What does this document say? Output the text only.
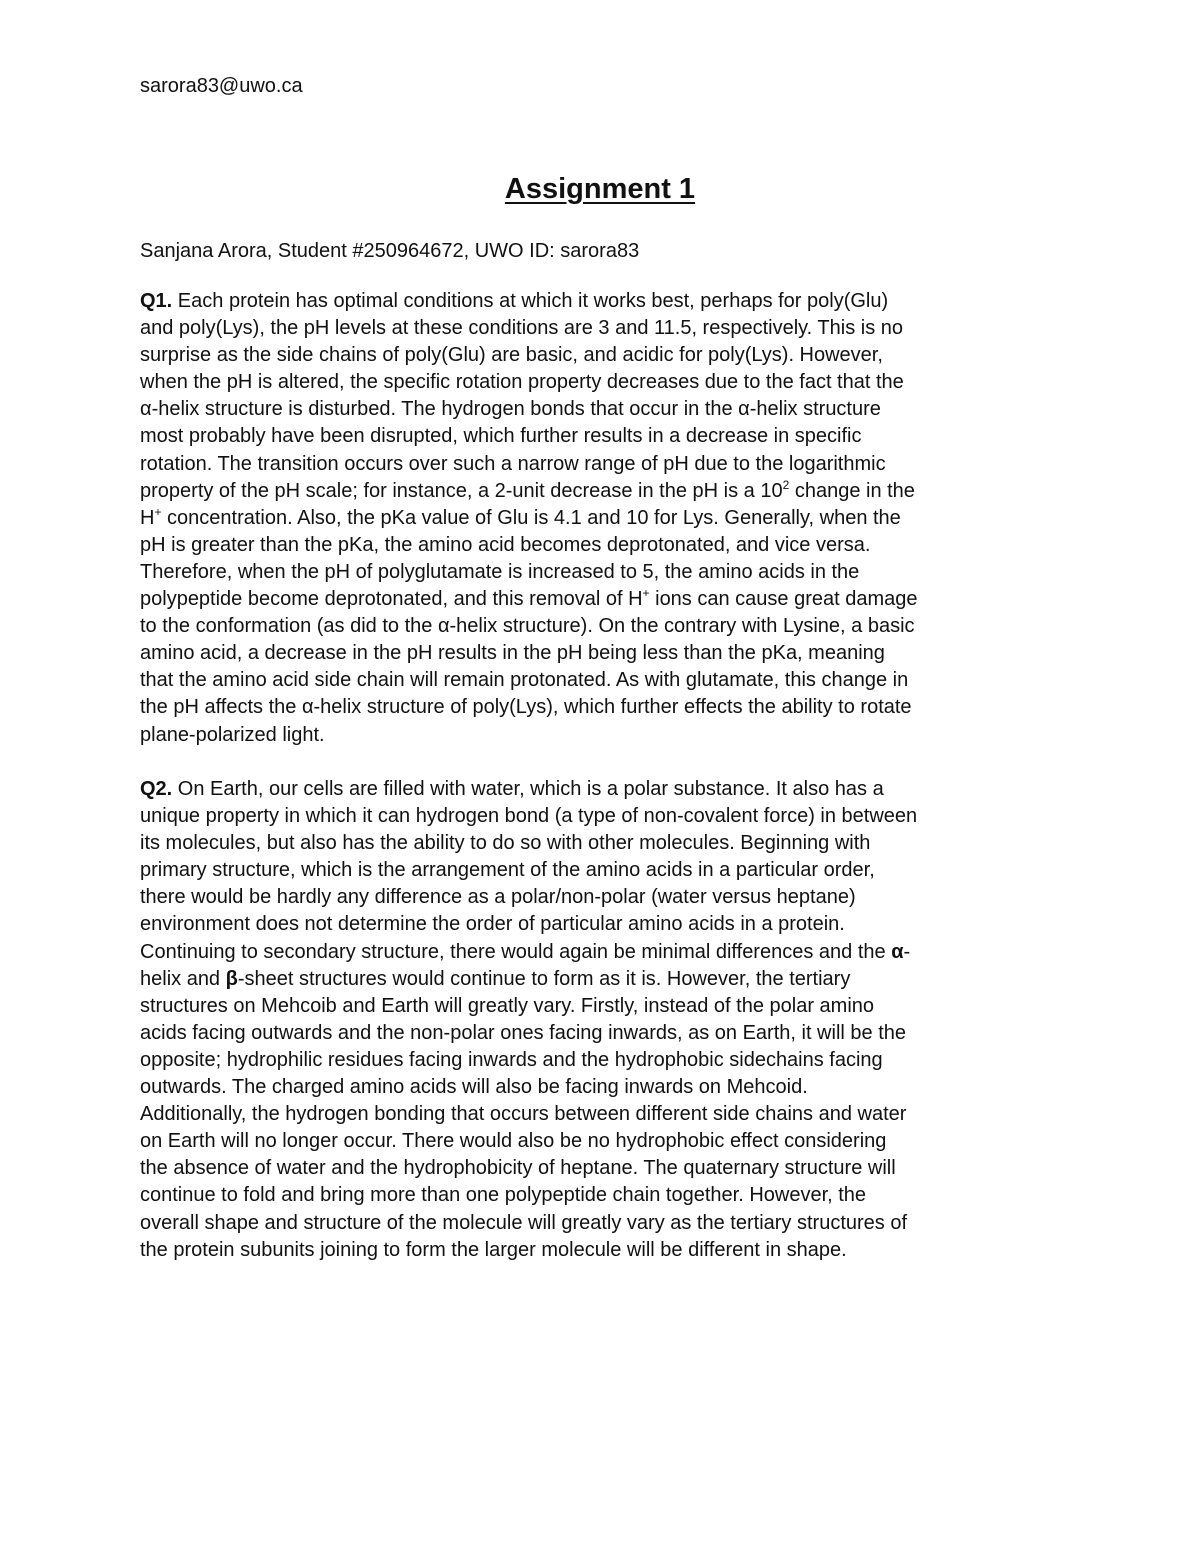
sarora83@uwo.ca
Assignment 1
Sanjana Arora, Student #250964672, UWO ID: sarora83
Q1. Each protein has optimal conditions at which it works best, perhaps for poly(Glu)
and poly(Lys), the pH levels at these conditions are 3 and 11.5, respectively. This is no
surprise as the side chains of poly(Glu) are basic, and acidic for poly(Lys). However,
when the pH is altered, the specific rotation property decreases due to the fact that the
α-helix structure is disturbed. The hydrogen bonds that occur in the α-helix structure
most probably have been disrupted, which further results in a decrease in specific
rotation. The transition occurs over such a narrow range of pH due to the logarithmic
property of the pH scale; for instance, a 2-unit decrease in the pH is a $10^2$ change in the
H+ concentration. Also, the pKa value of Glu is 4.1 and 10 for Lys. Generally, when the
pH is greater than the pKa, the amino acid becomes deprotonated, and vice versa.
Therefore, when the pH of polyglutamate is increased to 5, the amino acids in the
polypeptide become deprotonated, and this removal of H+ ions can cause great damage
to the conformation (as did to the α-helix structure). On the contrary with Lysine, a basic
amino acid, a decrease in the pH results in the pH being less than the pKa, meaning
that the amino acid side chain will remain protonated. As with glutamate, this change in
the pH affects the α-helix structure of poly(Lys), which further effects the ability to rotate
plane-polarized light.
Q2. On Earth, our cells are filled with water, which is a polar substance. It also has a
unique property in which it can hydrogen bond (a type of non-covalent force) in between
its molecules, but also has the ability to do so with other molecules. Beginning with
primary structure, which is the arrangement of the amino acids in a particular order,
there would be hardly any difference as a polar/non-polar (water versus heptane)
environment does not determine the order of particular amino acids in a protein.
Continuing to secondary structure, there would again be minimal differences and the α-
helix and β-sheet structures would continue to form as it is. However, the tertiary
structures on Mehcoib and Earth will greatly vary. Firstly, instead of the polar amino
acids facing outwards and the non-polar ones facing inwards, as on Earth, it will be the
opposite; hydrophilic residues facing inwards and the hydrophobic sidechains facing
outwards. The charged amino acids will also be facing inwards on Mehcoid.
Additionally, the hydrogen bonding that occurs between different side chains and water
on Earth will no longer occur. There would also be no hydrophobic effect considering
the absence of water and the hydrophobicity of heptane. The quaternary structure will
continue to fold and bring more than one polypeptide chain together. However, the
overall shape and structure of the molecule will greatly vary as the tertiary structures of
the protein subunits joining to form the larger molecule will be different in shape.
